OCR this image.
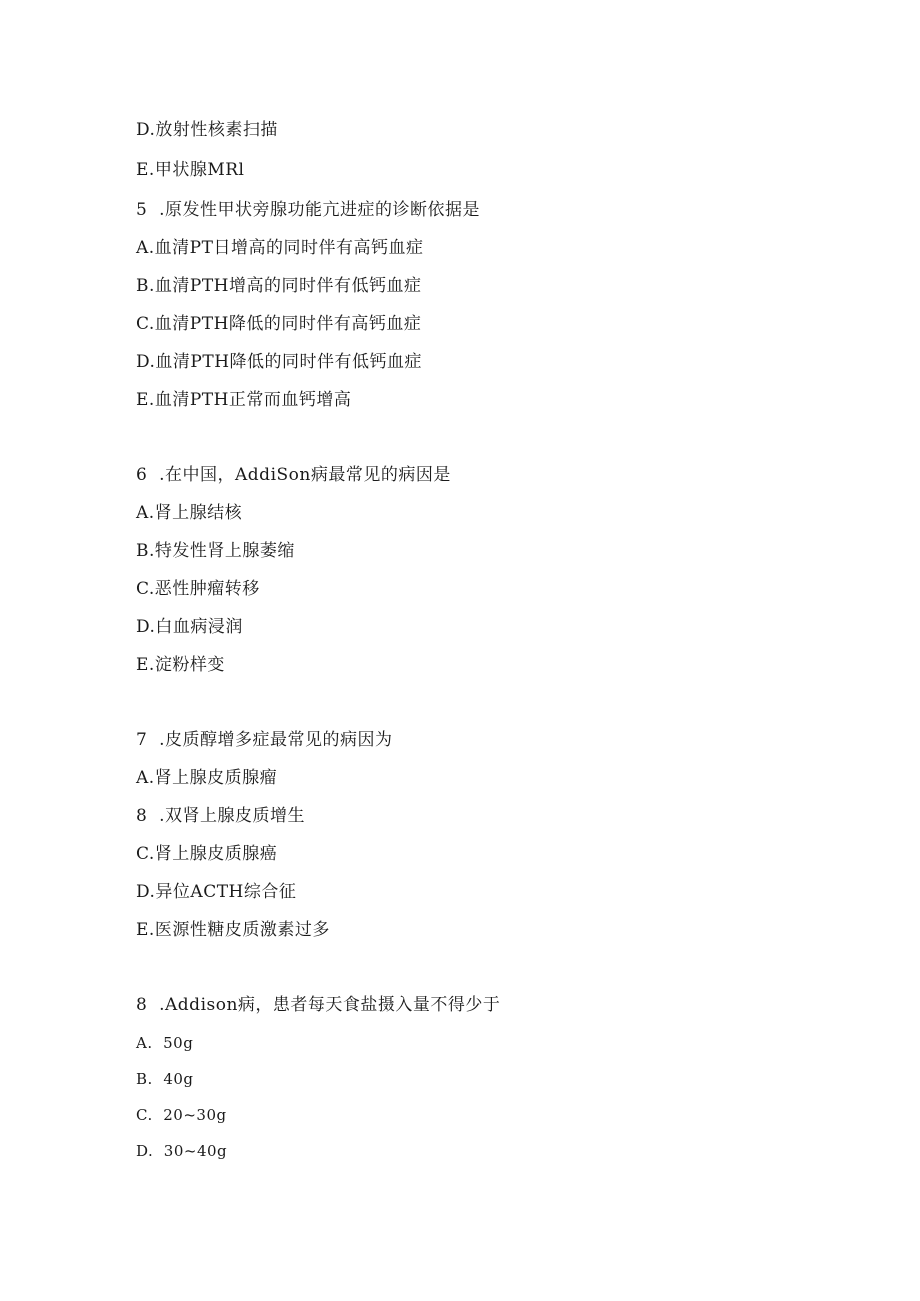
D.放射性核素扫描
E.甲状腺MRl
5  .原发性甲状旁腺功能亢进症的诊断依据是
A.血清PT日增高的同时伴有高钙血症
B.血清PTH增高的同时伴有低钙血症
C.血清PTH降低的同时伴有高钙血症
D.血清PTH降低的同时伴有低钙血症
E.血清PTH正常而血钙增高
6  .在中国，AddiSon病最常见的病因是
A.肾上腺结核
B.特发性肾上腺萎缩
C.恶性肿瘤转移
D.白血病浸润
E.淀粉样变
7  .皮质醇增多症最常见的病因为
A.肾上腺皮质腺瘤
8  .双肾上腺皮质增生
C.肾上腺皮质腺癌
D.异位ACTH综合征
E.医源性糖皮质激素过多
8  .Addison病，患者每天食盐摄入量不得少于
A.  50g
B.  40g
C.  20~30g
D.  30~40g
